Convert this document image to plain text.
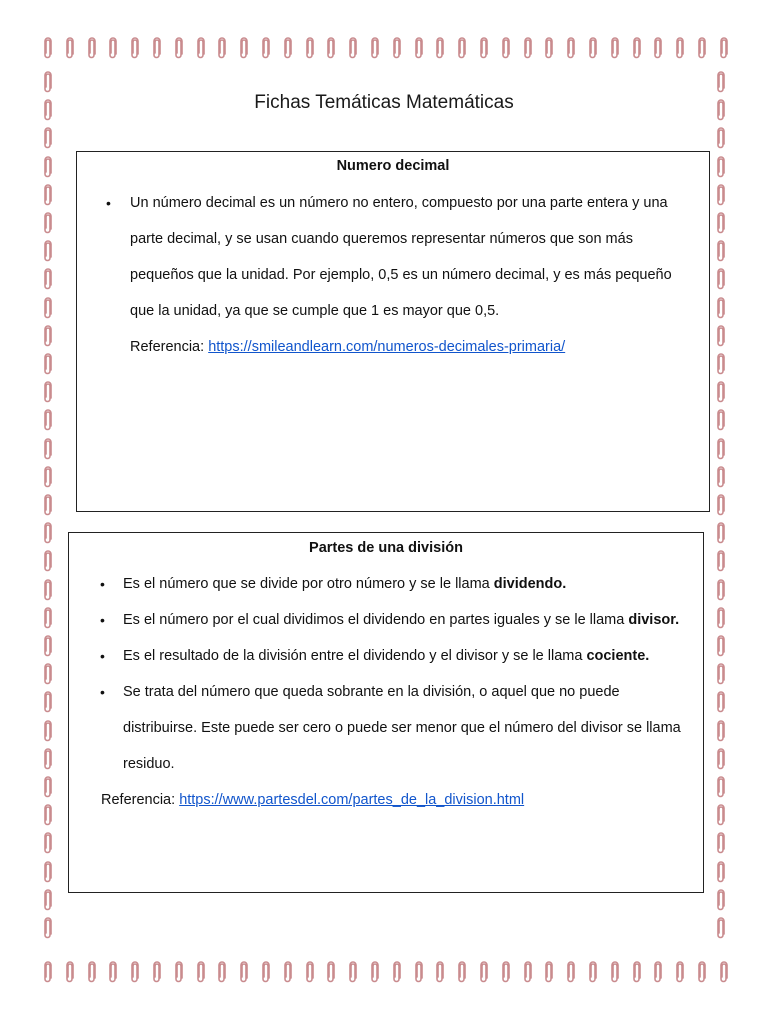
Fichas Temáticas Matemáticas
Numero decimal
• Un número decimal es un número no entero, compuesto por una parte entera y una parte decimal, y se usan cuando queremos representar números que son más pequeños que la unidad. Por ejemplo, 0,5 es un número decimal, y es más pequeño que la unidad, ya que se cumple que 1 es mayor que 0,5.
Referencia: https://smileandlearn.com/numeros-decimales-primaria/
Partes de una división
• Es el número que se divide por otro número y se le llama dividendo.
• Es el número por el cual dividimos el dividendo en partes iguales y se le llama divisor.
• Es el resultado de la división entre el dividendo y el divisor y se le llama cociente.
• Se trata del número que queda sobrante en la división, o aquel que no puede distribuirse. Este puede ser cero o puede ser menor que el número del divisor se llama residuo.
Referencia: https://www.partesdel.com/partes_de_la_division.html
